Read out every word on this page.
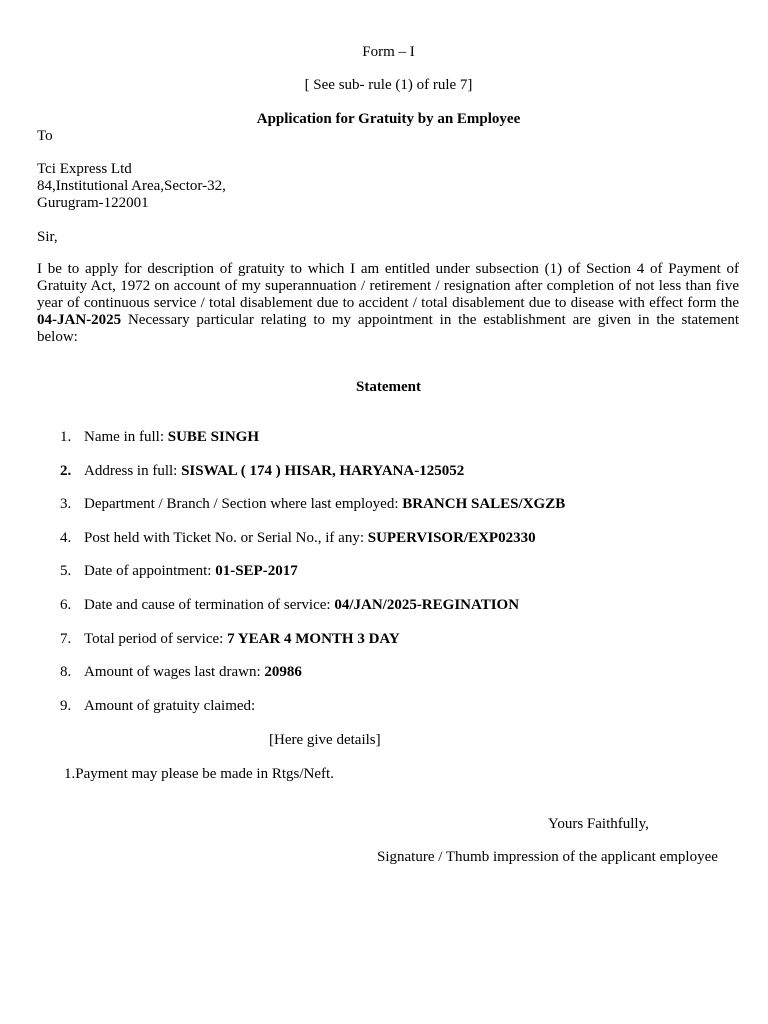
Form – I
[ See sub- rule (1) of rule 7]
Application for Gratuity by an Employee
To
Tci Express Ltd
84,Institutional Area,Sector-32,
Gurugram-122001
Sir,
I be to apply for description of gratuity to which I am entitled under subsection (1) of Section 4 of Payment of Gratuity Act, 1972 on account of my superannuation / retirement / resignation after completion of not less than five year of continuous service / total disablement due to accident / total disablement due to disease with effect form the 04-JAN-2025 Necessary particular relating to my appointment in the establishment are given in the statement below:
Statement
1. Name in full: SUBE SINGH
2. Address in full: SISWAL ( 174 ) HISAR, HARYANA-125052
3. Department / Branch / Section where last employed: BRANCH SALES/XGZB
4. Post held with Ticket No. or Serial No., if any: SUPERVISOR/EXP02330
5. Date of appointment: 01-SEP-2017
6. Date and cause of termination of service: 04/JAN/2025-REGINATION
7. Total period of service: 7 YEAR 4 MONTH 3 DAY
8. Amount of wages last drawn: 20986
9. Amount of gratuity claimed:
[Here give details]
1.Payment may please be made in Rtgs/Neft.
Yours Faithfully,
Signature / Thumb impression of the applicant employee
